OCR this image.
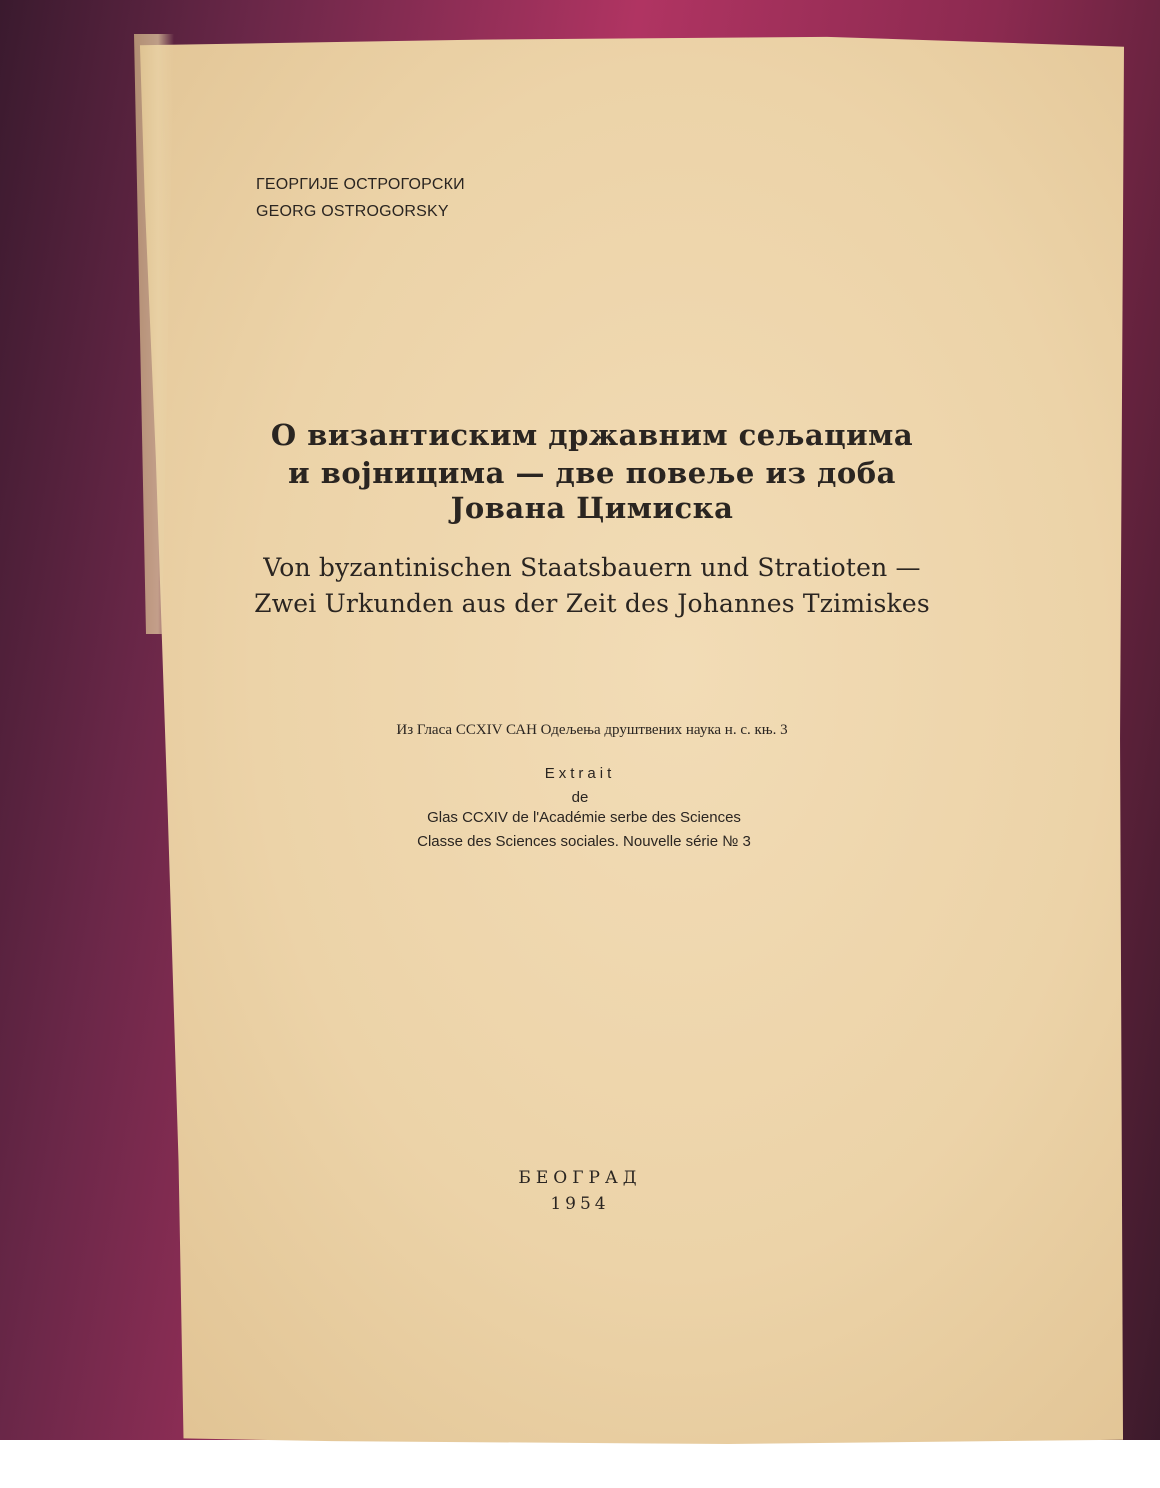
ГЕОРГИЈЕ ОСТРОГОРСКИ
GEORG OSTROGORSKY
О византиским државним сељацима
и војницима — две повеље из доба
Јована Цимиска
Von byzantinischen Staatsbauern und Stratioten —
Zwei Urkunden aus der Zeit des Johannes Tzimiskes
Из Гласа CCXIV САН Одељења друштвених наука н. с. књ. 3
Extrait
de
Glas CCXIV de l'Académie serbe des Sciences
Classe des Sciences sociales. Nouvelle série № 3
БЕОГРАД
1954
